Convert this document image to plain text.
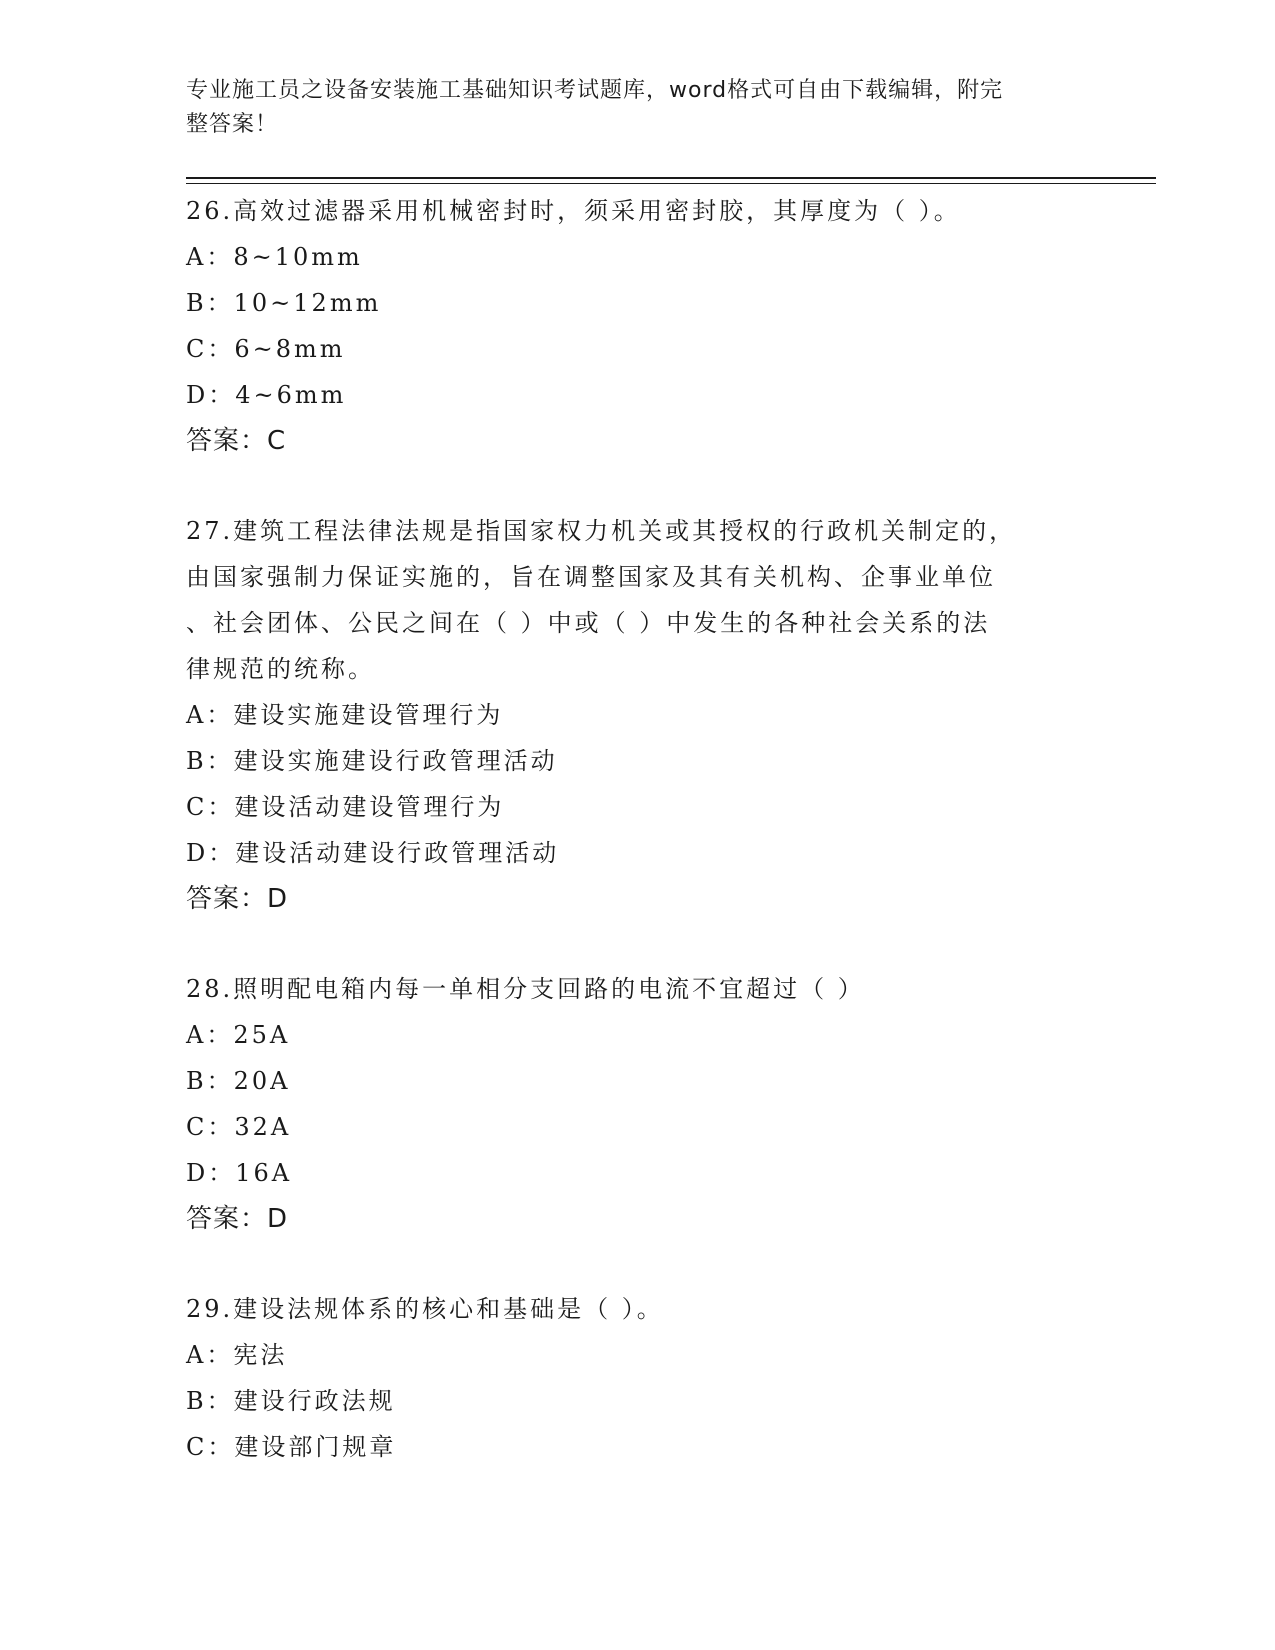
专业施工员之设备安装施工基础知识考试题库，word格式可自由下载编辑，附完
整答案！
26.高效过滤器采用机械密封时，须采用密封胶，其厚度为（ ）。
A：8~10mm
B：10~12mm
C：6~8mm
D：4~6mm
答案：C
27.建筑工程法律法规是指国家权力机关或其授权的行政机关制定的，
由国家强制力保证实施的，旨在调整国家及其有关机构、企事业单位
、社会团体、公民之间在（ ）中或（ ）中发生的各种社会关系的法
律规范的统称。
A：建设实施建设管理行为
B：建设实施建设行政管理活动
C：建设活动建设管理行为
D：建设活动建设行政管理活动
答案：D
28.照明配电箱内每一单相分支回路的电流不宜超过（ ）
A：25A
B：20A
C：32A
D：16A
答案：D
29.建设法规体系的核心和基础是（ ）。
A：宪法
B：建设行政法规
C：建设部门规章
